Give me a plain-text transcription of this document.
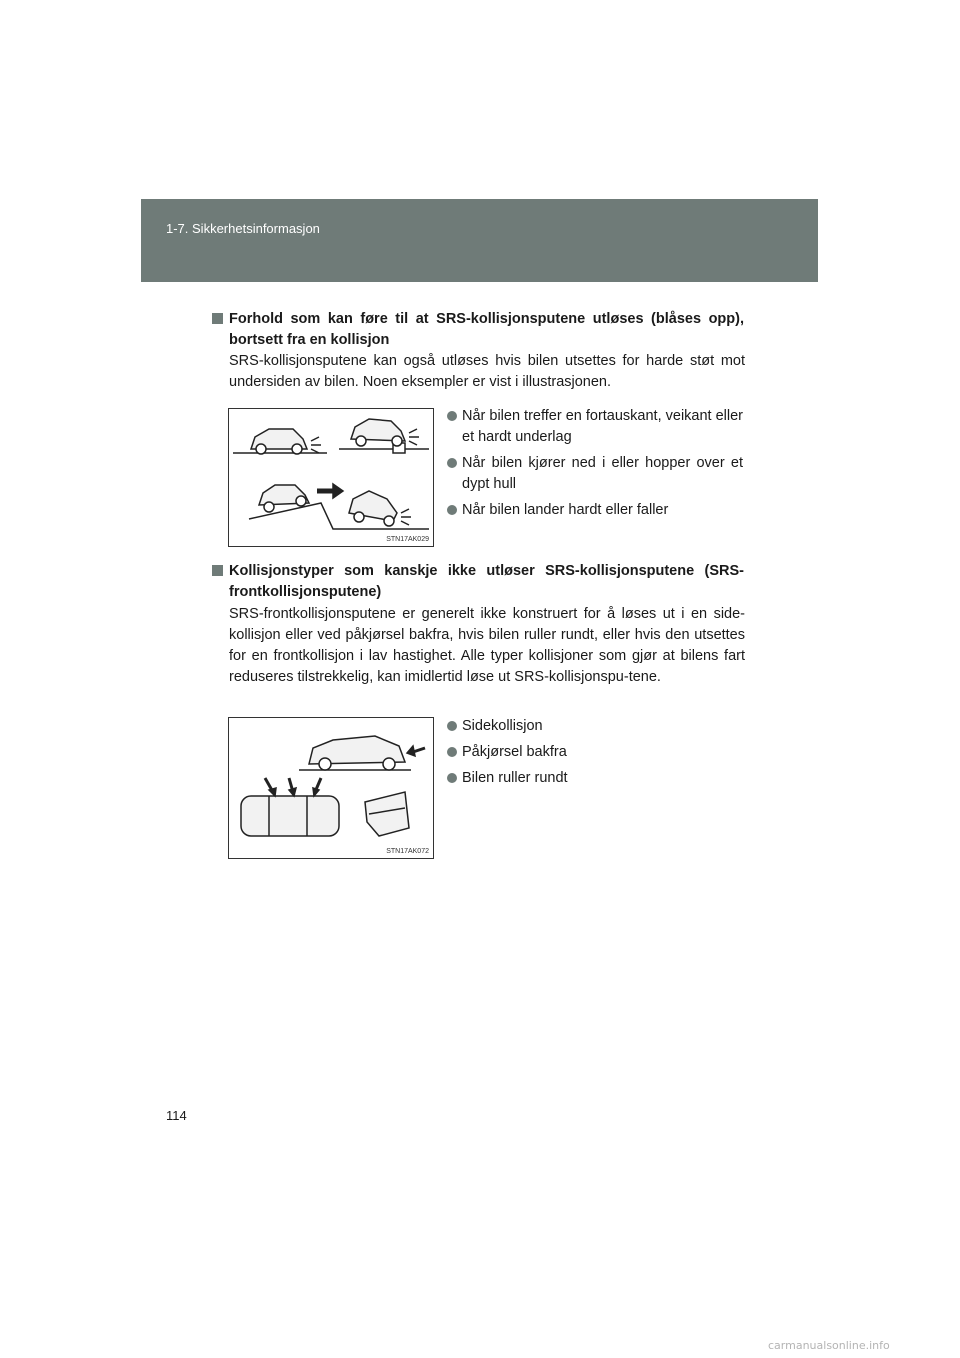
1-7. Sikkerhetsinformasjon
Forhold som kan føre til at SRS-kollisjonsputene utløses (blåses opp), bortsett fra en kollisjon
SRS-kollisjonsputene kan også utløses hvis bilen utsettes for harde støt mot undersiden av bilen. Noen eksempler er vist i illustrasjonen.
STN17AK029
Når bilen treffer en fortauskant, veikant eller et hardt underlag
Når bilen kjører ned i eller hopper over et dypt hull
Når bilen lander hardt eller faller
Kollisjonstyper som kanskje ikke utløser SRS-kollisjonsputene (SRS-frontkollisjonsputene)
SRS-frontkollisjonsputene er generelt ikke konstruert for å løses ut i en side-kollisjon eller ved påkjørsel bakfra, hvis bilen ruller rundt, eller hvis den utsettes for en frontkollisjon i lav hastighet. Alle typer kollisjoner som gjør at bilens fart reduseres tilstrekkelig, kan imidlertid løse ut SRS-kollisjonspu-tene.
STN17AK072
Sidekollisjon
Påkjørsel bakfra
Bilen ruller rundt
114
carmanualsonline.info
